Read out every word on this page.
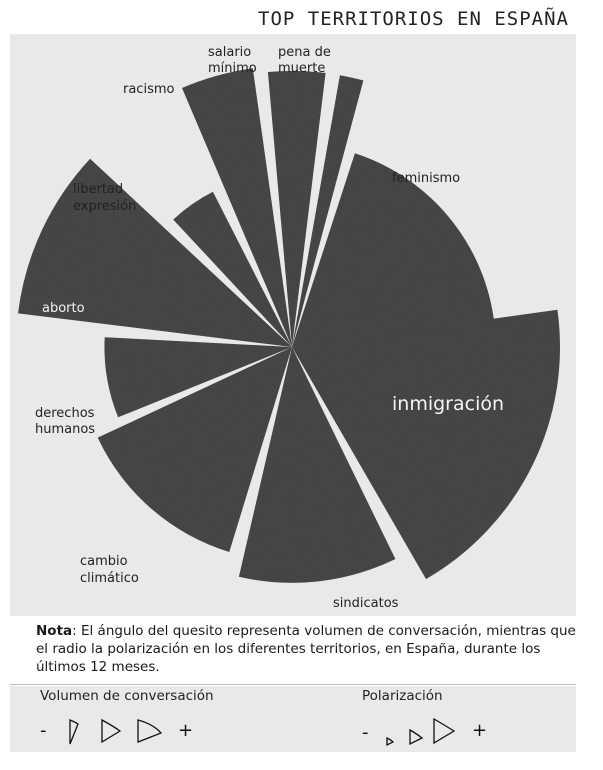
TOP TERRITORIOS EN ESPAÑA
inmigración
sindicatos
cambio
climático
derechos
humanos
aborto
libertad
expresión
racismo
salario
mínimo
pena de
muerte
feminismo
Nota: El ángulo del quesito representa volumen de conversación, mientras que el radio la polarización en los diferentes territorios, en España, durante los últimos 12 meses.
Volumen de conversación	Polarización
-	+	-	+
